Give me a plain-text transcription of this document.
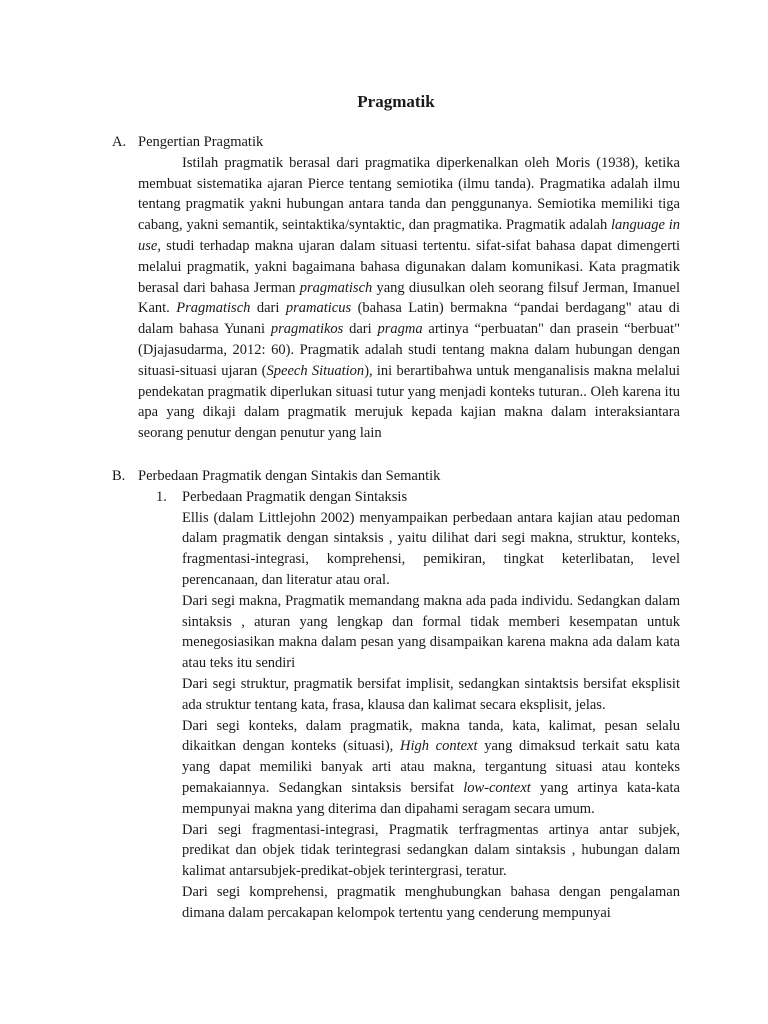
Pragmatik
A. Pengertian Pragmatik

Istilah pragmatik berasal dari pragmatika diperkenalkan oleh Moris (1938), ketika membuat sistematika ajaran Pierce tentang semiotika (ilmu tanda). Pragmatika adalah ilmu tentang pragmatik yakni hubungan antara tanda dan penggunanya. Semiotika memiliki tiga cabang, yakni semantik, seintaktika/syntaktic, dan pragmatika. Pragmatik adalah language in use, studi terhadap makna ujaran dalam situasi tertentu. sifat-sifat bahasa dapat dimengerti melalui pragmatik, yakni bagaimana bahasa digunakan dalam komunikasi. Kata pragmatik berasal dari bahasa Jerman pragmatisch yang diusulkan oleh seorang filsuf Jerman, Imanuel Kant. Pragmatisch dari pramaticus (bahasa Latin) bermakna “pandai berdagang" atau di dalam bahasa Yunani pragmatikos dari pragma artinya “perbuatan" dan prasein “berbuat" (Djajasudarma, 2012: 60). Pragmatik adalah studi tentang makna dalam hubungan dengan situasi-situasi ujaran (Speech Situation), ini berartibahwa untuk menganalisis makna melalui pendekatan pragmatik diperlukan situasi tutur yang menjadi konteks tuturan.. Oleh karena itu apa yang dikaji dalam pragmatik merujuk kepada kajian makna dalam interaksiantara seorang penutur dengan penutur yang lain

B. Perbedaan Pragmatik dengan Sintakis dan Semantik
1.	Perbedaan Pragmatik dengan Sintaksis

Ellis (dalam Littlejohn 2002) menyampaikan perbedaan antara kajian atau pedoman dalam pragmatik dengan sintaksis , yaitu dilihat dari segi makna, struktur, konteks, fragmentasi-integrasi, komprehensi, pemikiran, tingkat keterlibatan, level perencanaan, dan literatur atau oral.

Dari segi makna, Pragmatik memandang makna ada pada individu. Sedangkan dalam sintaksis , aturan yang lengkap dan formal tidak memberi kesempatan untuk menegosiasikan makna dalam pesan yang disampaikan karena makna ada dalam kata atau teks itu sendiri

Dari segi struktur, pragmatik bersifat implisit, sedangkan sintaktsis bersifat eksplisit ada struktur tentang kata, frasa, klausa dan kalimat secara eksplisit, jelas.

Dari segi konteks, dalam pragmatik, makna tanda, kata, kalimat, pesan selalu dikaitkan dengan konteks (situasi), High context yang dimaksud terkait satu kata yang dapat memiliki banyak arti atau makna, tergantung situasi atau konteks pemakaiannya. Sedangkan sintaksis bersifat low-context yang artinya kata-kata mempunyai makna yang diterima dan dipahami seragam secara umum.

Dari segi fragmentasi-integrasi, Pragmatik terfragmentas artinya antar subjek, predikat dan objek tidak terintegrasi sedangkan dalam sintaksis , hubungan dalam kalimat antarsubjek-predikat-objek terintergrasi, teratur.

Dari segi komprehensi, pragmatik menghubungkan bahasa dengan pengalaman dimana dalam percakapan kelompok tertentu yang cenderung mempunyai
